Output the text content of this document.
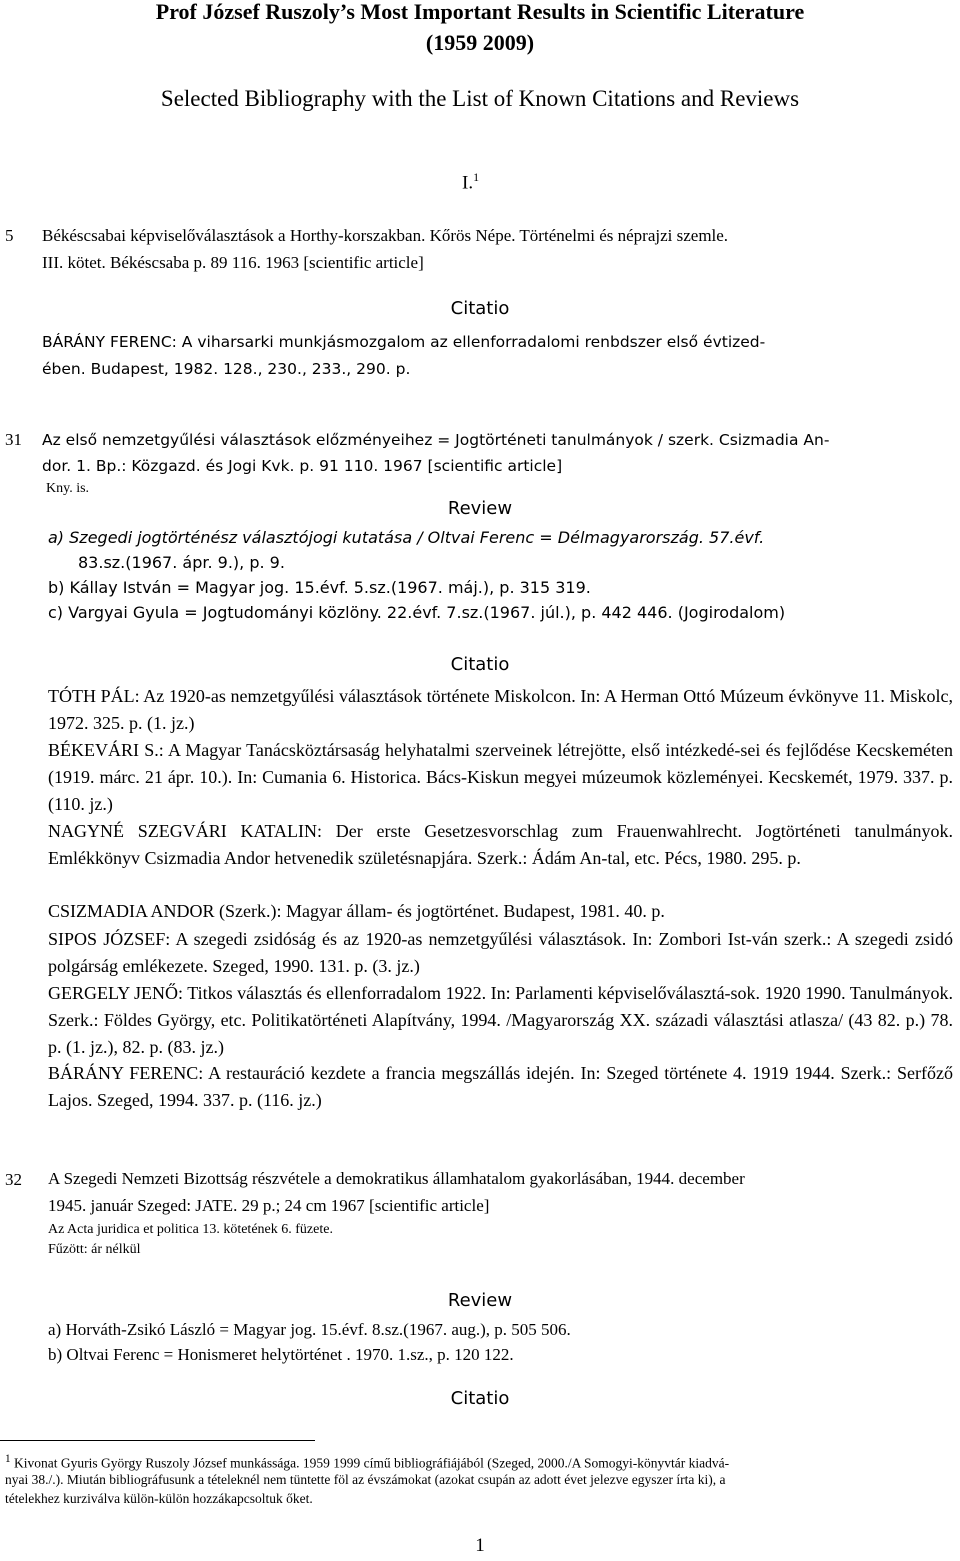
Prof József Ruszoly’s Most Important Results in Scientific Literature
(1959 2009)
Selected Bibliography with the List of Known Citations and Reviews
I.$^1$
5 Békéscsabai képviselőválasztások a Horthy-korszakban. Kőrös Népe. Történelmi és néprajzi szemle.
III. kötet. Békéscsaba p. 89 116. 1963 [scientific article]
Citatio
BÁRÁNY FERENC: A viharsarki munkjásmozgalom az ellenforradalomi renbdszer első évtized-
ében. Budapest, 1982. 128., 230., 233., 290. p.
31 Az első nemzetgyűlési választások előzményeihez = Jogtörténeti tanulmányok / szerk. Csizmadia An-
dor. 1. Bp.: Közgazd. és Jogi Kvk. p. 91 110. 1967 [scientific article]
Kny. is.
Review
a) Szegedi jogtörténész választójogi kutatása / Oltvai Ferenc = Délmagyarország. 57.évf.
83.sz.(1967. ápr. 9.), p. 9.
b) Kállay István = Magyar jog. 15.évf. 5.sz.(1967. máj.), p. 315 319.
c) Vargyai Gyula = Jogtudományi közlöny. 22.évf. 7.sz.(1967. júl.), p. 442 446. (Jogirodalom)
Citatio
TÓTH PÁL: Az 1920-as nemzetgyűlési választások története Miskolcon. In: A Herman Ottó Múzeum évkönyve 11. Miskolc, 1972. 325. p. (1. jz.)
BÉKEVÁRI S.: A Magyar Tanácsköztársaság helyhatalmi szerveinek létrejötte, első intézkedé-sei és fejlődése Kecskeméten (1919. márc. 21 ápr. 10.). In: Cumania 6. Historica. Bács-Kiskun megyei múzeumok közleményei. Kecskemét, 1979. 337. p. (110. jz.)
NAGYNÉ SZEGVÁRI KATALIN: Der erste Gesetzesvorschlag zum Frauenwahlrecht. Jogtörténeti tanulmányok. Emlékkönyv Csizmadia Andor hetvenedik születésnapjára. Szerk.: Ádám An-tal, etc. Pécs, 1980. 295. p.
CSIZMADIA ANDOR (Szerk.): Magyar állam- és jogtörténet. Budapest, 1981. 40. p.
SIPOS JÓZSEF: A szegedi zsidóság és az 1920-as nemzetgyűlési választások. In: Zombori Ist-ván szerk.: A szegedi zsidó polgárság emlékezete. Szeged, 1990. 131. p. (3. jz.)
GERGELY JENŐ: Titkos választás és ellenforradalom 1922. In: Parlamenti képviselőválasztá-sok. 1920 1990. Tanulmányok. Szerk.: Földes György, etc. Politikatörténeti Alapítvány, 1994. /Magyarország XX. századi választási atlasza/ (43 82. p.) 78. p. (1. jz.), 82. p. (83. jz.)
BÁRÁNY FERENC: A restauráció kezdete a francia megszállás idején. In: Szeged története 4. 1919 1944. Szerk.: Serfőző Lajos. Szeged, 1994. 337. p. (116. jz.)
32 A Szegedi Nemzeti Bizottság részvétele a demokratikus államhatalom gyakorlásában, 1944. december
1945. január Szeged: JATE. 29 p.; 24 cm 1967 [scientific article]
Az Acta juridica et politica 13. kötetének 6. füzete.
Fűzött: ár nélkül
Review
a) Horváth-Zsikó László = Magyar jog. 15.évf. 8.sz.(1967. aug.), p. 505 506.
b) Oltvai Ferenc = Honismeret helytörténet . 1970. 1.sz., p. 120 122.
Citatio
$^1$ Kivonat Gyuris György Ruszoly József munkássága. 1959 1999 című bibliográfiájából (Szeged, 2000./A Somogyi-könyvtár kiadvá-
nyai 38./.). Miután bibliográfusunk a tételeknél nem tüntette föl az évszámokat (azokat csupán az adott évet jelezve egyszer írta ki), a
tételekhez kurziválva külön-külön hozzákapcsoltuk őket.
1
